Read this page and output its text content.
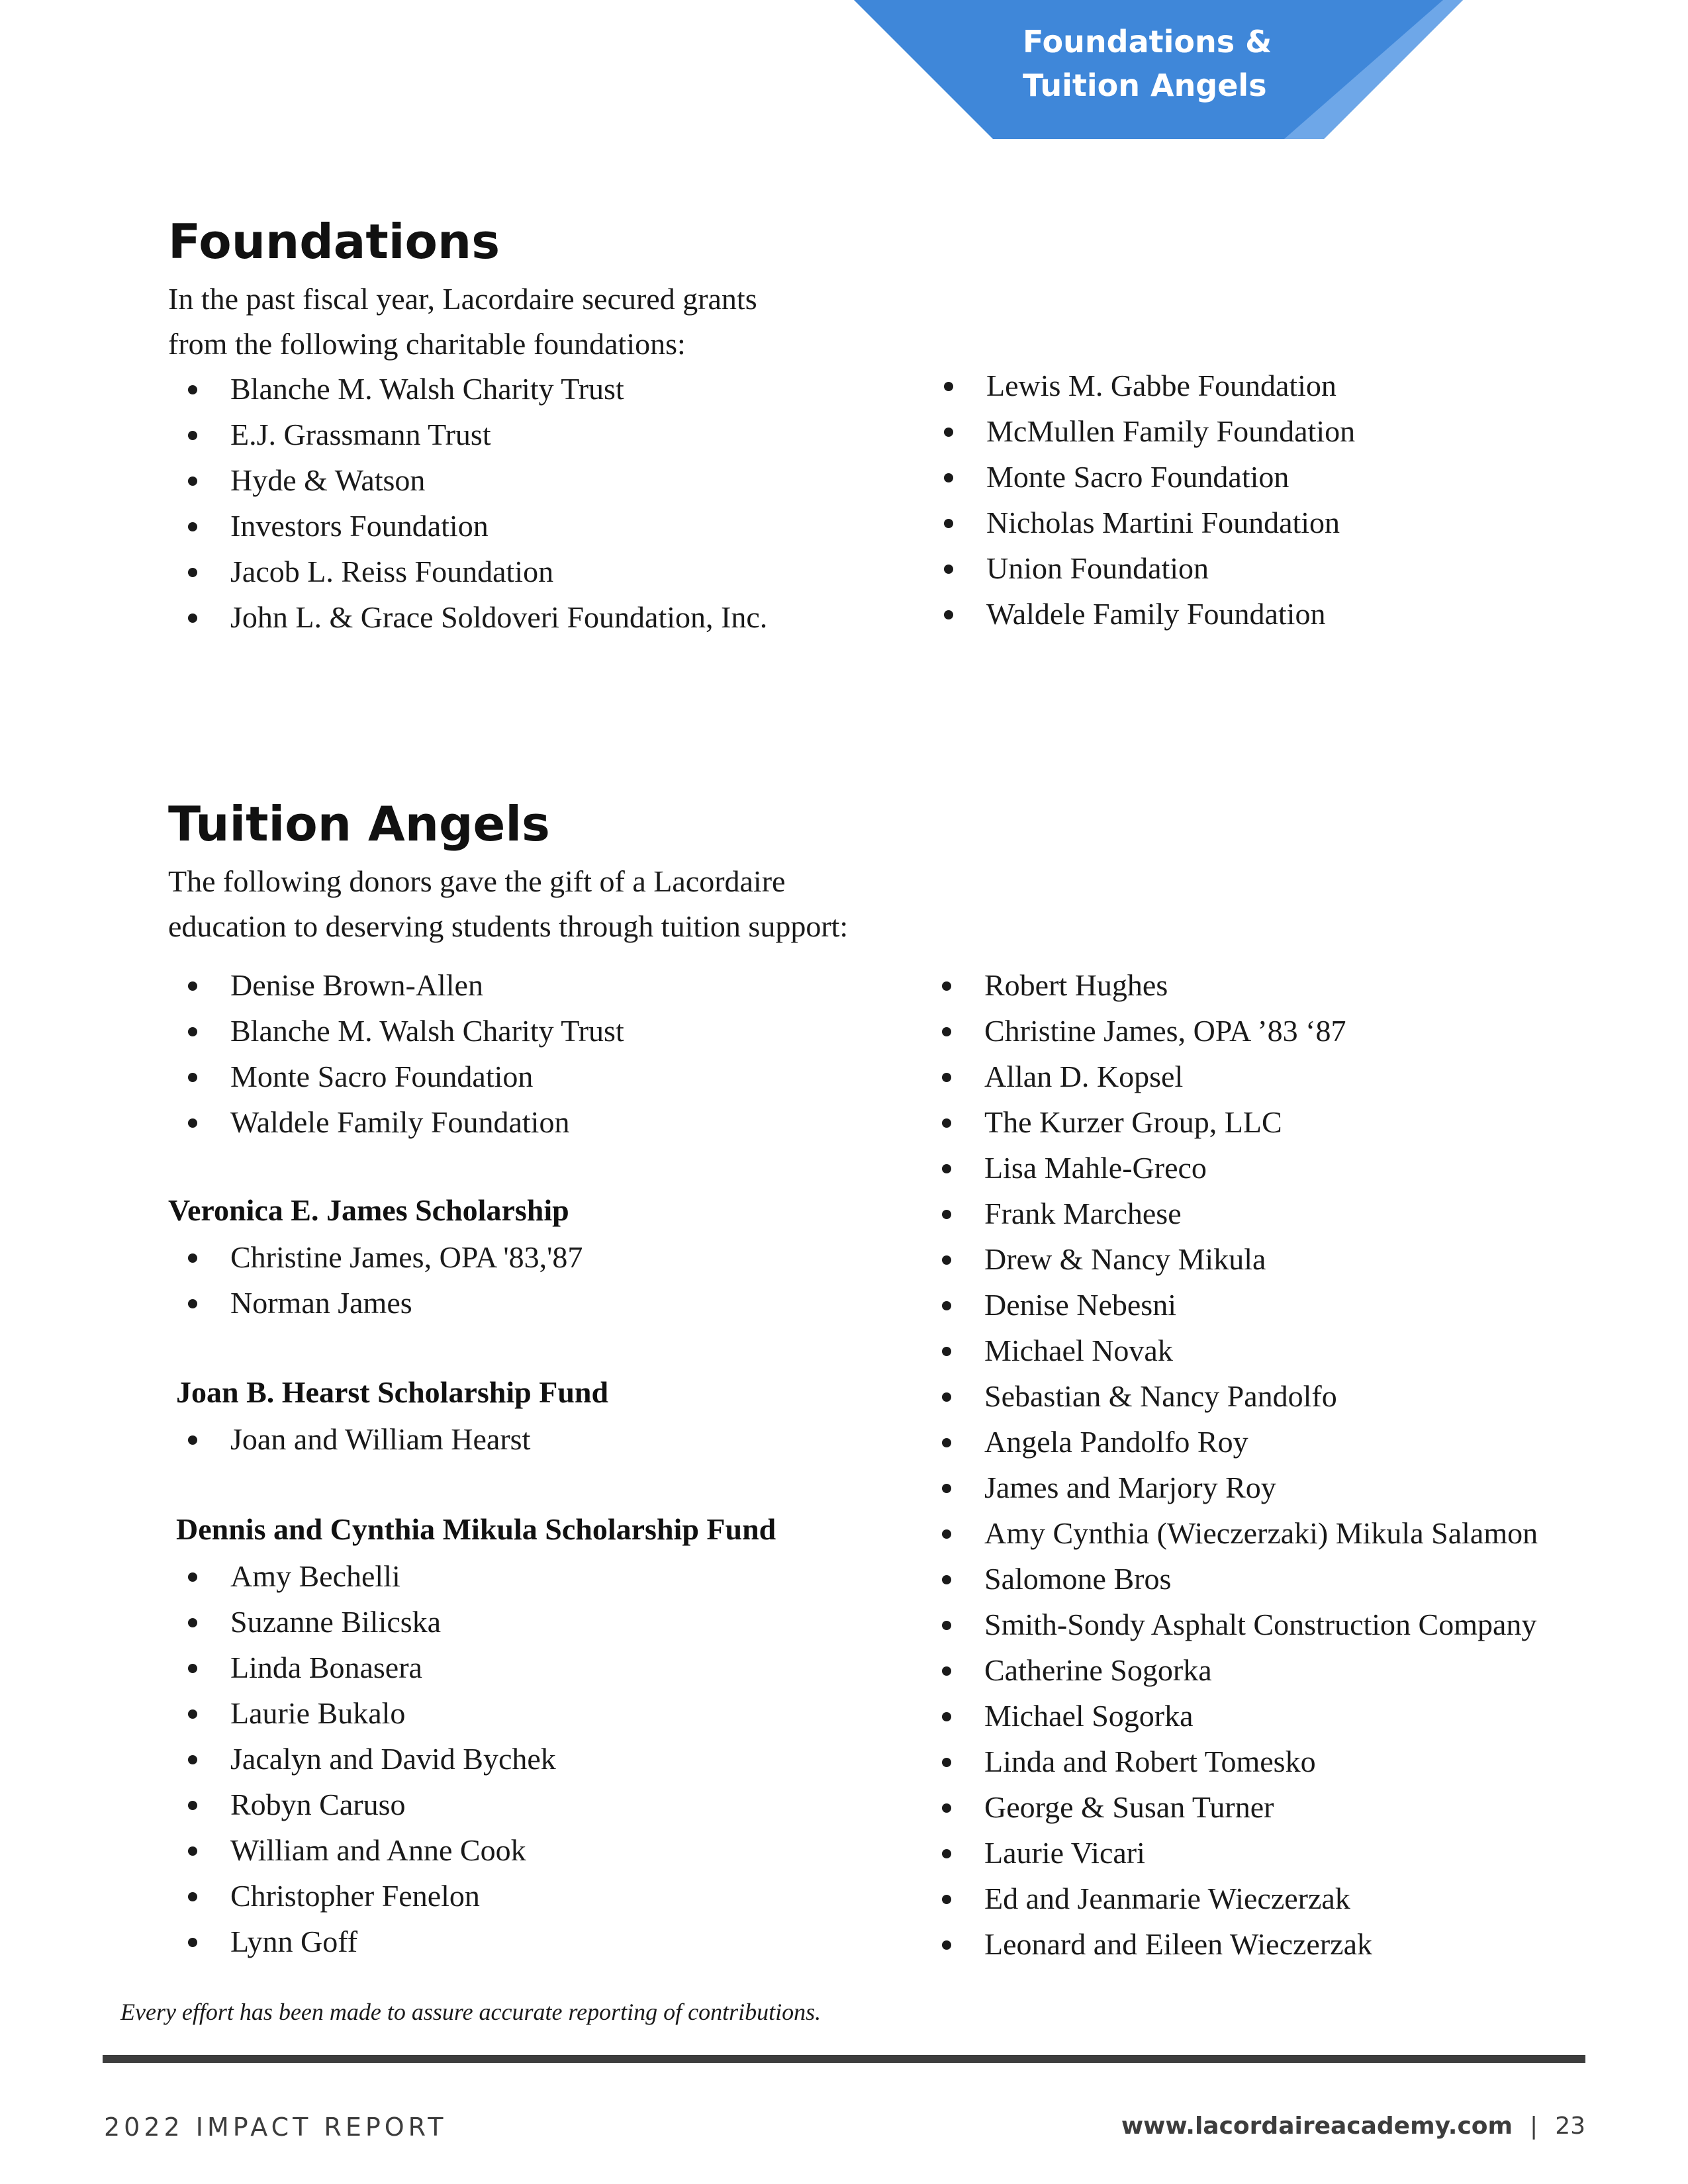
Foundations &
Tuition Angels
Foundations
In the past fiscal year, Lacordaire secured grants
from the following charitable foundations:
Blanche M. Walsh Charity Trust
E.J. Grassmann Trust
Hyde & Watson
Investors Foundation
Jacob L. Reiss Foundation
John L. & Grace Soldoveri Foundation, Inc.
Lewis M. Gabbe Foundation
McMullen Family Foundation
Monte Sacro Foundation
Nicholas Martini Foundation
Union Foundation
Waldele Family Foundation
Tuition Angels
The following donors gave the gift of a Lacordaire
education to deserving students through tuition support:
Denise Brown-Allen
Blanche M. Walsh Charity Trust
Monte Sacro Foundation
Waldele Family Foundation
Veronica E. James Scholarship
Christine James, OPA '83,'87
Norman James
Joan B. Hearst Scholarship Fund
Joan and William Hearst
Dennis and Cynthia Mikula Scholarship Fund
Amy Bechelli
Suzanne Bilicska
Linda Bonasera
Laurie Bukalo
Jacalyn and David Bychek
Robyn Caruso
William and Anne Cook
Christopher Fenelon
Lynn Goff
Robert Hughes
Christine James, OPA ’83 ‘87
Allan D. Kopsel
The Kurzer Group, LLC
Lisa Mahle-Greco
Frank Marchese
Drew & Nancy Mikula
Denise Nebesni
Michael Novak
Sebastian & Nancy Pandolfo
Angela Pandolfo Roy
James and Marjory Roy
Amy Cynthia (Wieczerzaki) Mikula Salamon
Salomone Bros
Smith-Sondy Asphalt Construction Company
Catherine Sogorka
Michael Sogorka
Linda and Robert Tomesko
George & Susan Turner
Laurie Vicari
Ed and Jeanmarie Wieczerzak
Leonard and Eileen Wieczerzak
Every effort has been made to assure accurate reporting of contributions.
2022 IMPACT REPORT	www.lacordaireacademy.com | 23
